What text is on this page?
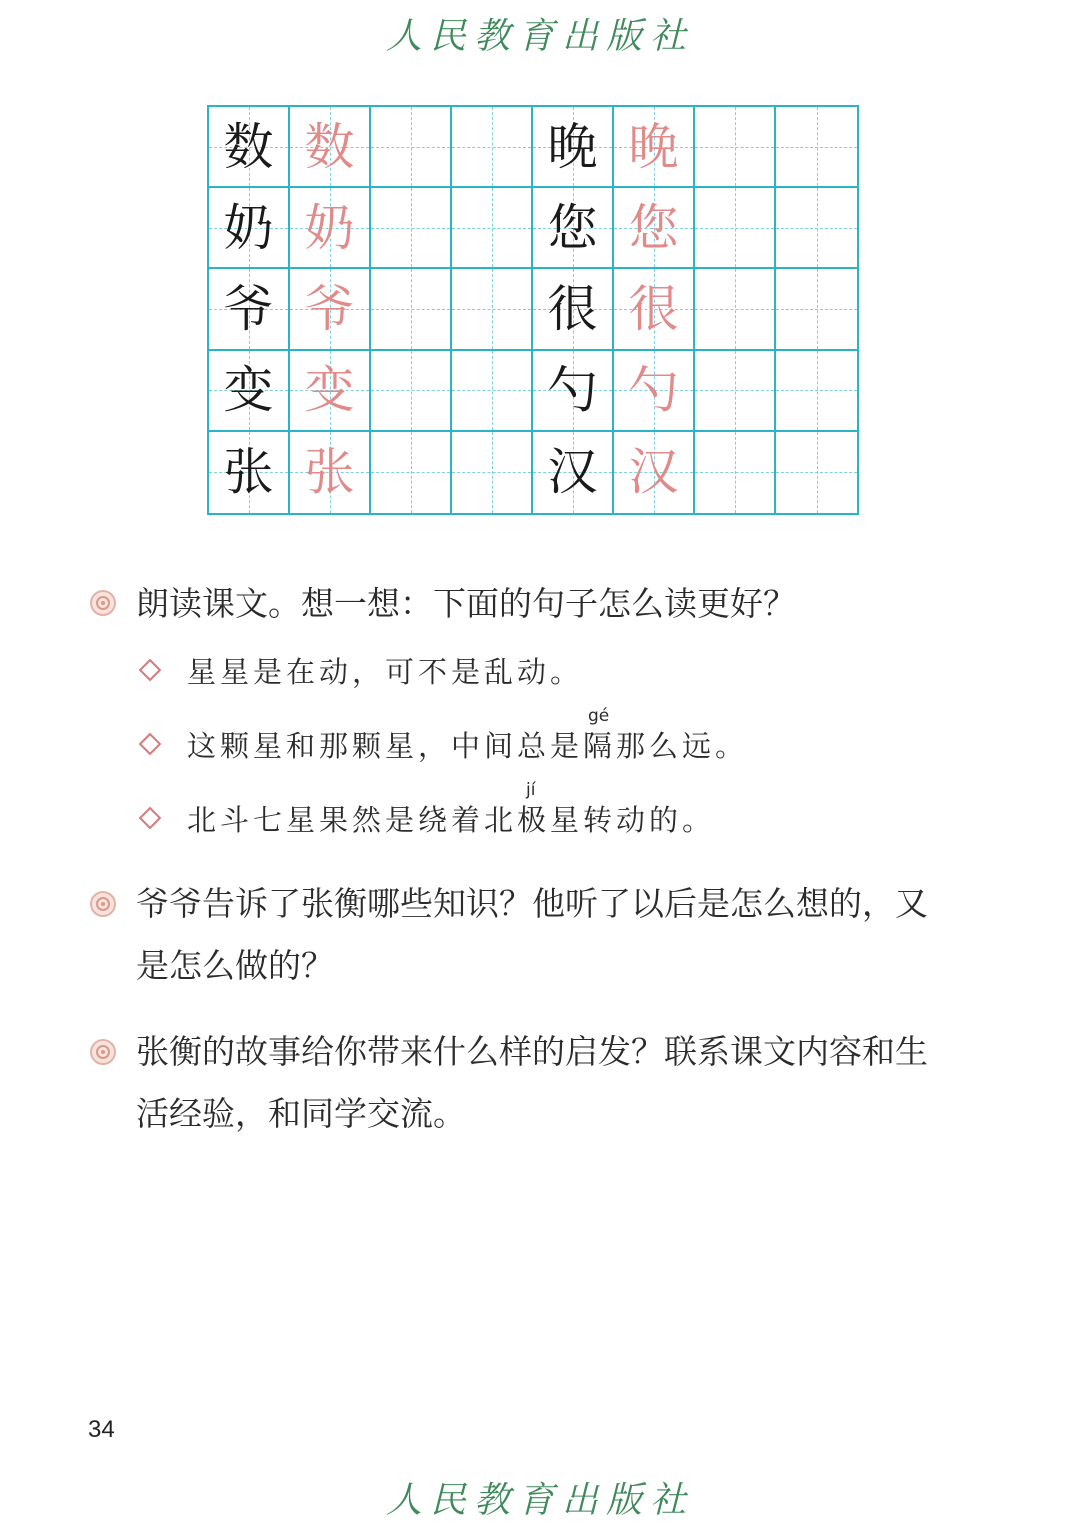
人民教育出版社
数 数	晚 晚
奶 奶	您 您
爷 爷	很 很
变 变	勺 勺
张 张	汉 汉
朗读课文。想一想：下面的句子怎么读更好？
星星是在动，可不是乱动。
gé
这颗星和那颗星，中间总是隔那么远。
jí
北斗七星果然是绕着北极星转动的。
爷爷告诉了张衡哪些知识？他听了以后是怎么想的，又
是怎么做的？
张衡的故事给你带来什么样的启发？联系课文内容和生
活经验，和同学交流。
34
人民教育出版社
